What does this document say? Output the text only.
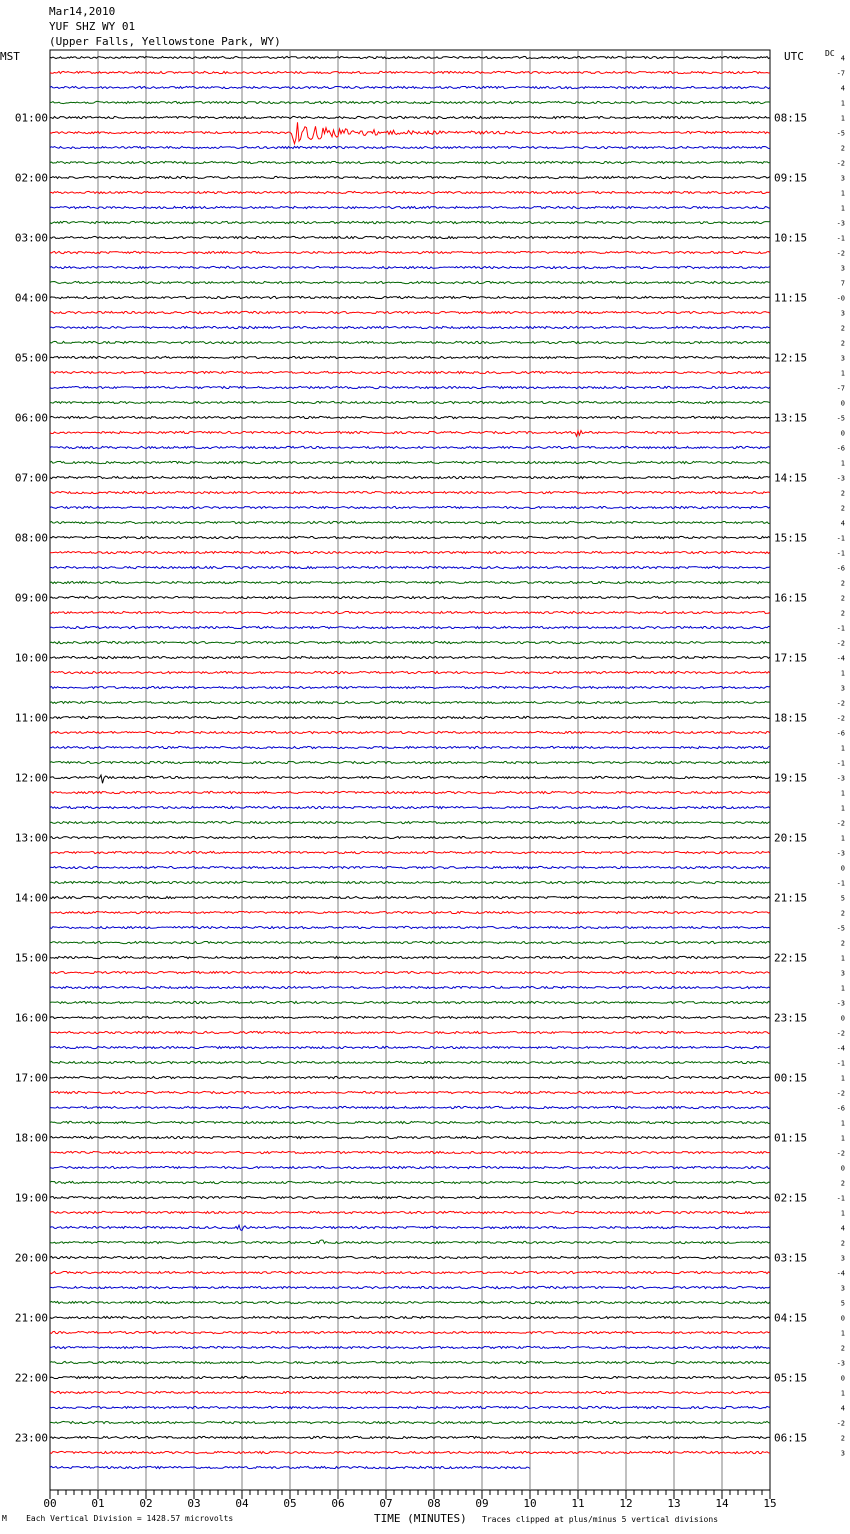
Mar14,2010
YUF SHZ WY 01
(Upper Falls, Yellowstone Park, WY)
MST	UTC	DC
00	01	02	03	04	05	06	07	08	09	10	11	12	13	14	15
4
-7
4
1
01:00	08:15	1
-5
2
-2
02:00	09:15	3
1
1
-3
03:00	10:15	-1
-2
3
7
04:00	11:15	-0
3
2
2
05:00	12:15	3
1
-7
0
06:00	13:15	-5
0
-6
1
07:00	14:15	-3
2
2
4
08:00	15:15	-1
-1
-6
2
09:00	16:15	2
2
-1
-2
10:00	17:15	-4
1
3
-2
11:00	18:15	-2
-6
1
-1
12:00	19:15	-3
1
1
-2
13:00	20:15	1
-3
0
-1
14:00	21:15	5
2
-5
2
15:00	22:15	1
3
1
-3
16:00	23:15	0
-2
-4
-1
17:00	00:15	1
-2
-6
1
18:00	01:15	1
-2
0
2
19:00	02:15	-1
1
4
2
20:00	03:15	3
-4
3
5
21:00	04:15	0
1
2
-3
22:00	05:15	0
1
4
-2
23:00	06:15	2
3
M Each Vertical Division = 1428.57 microvolts	TIME (MINUTES) Traces clipped at plus/minus 5 vertical divisions
